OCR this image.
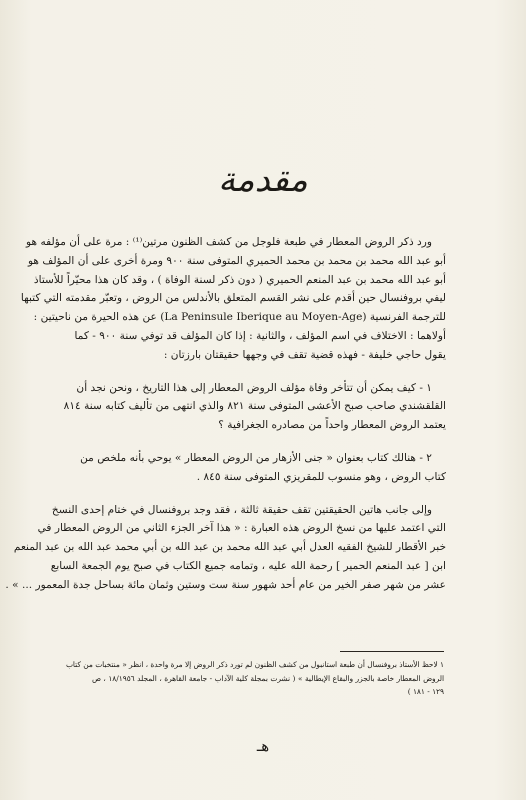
مقدمة

ورد ذكر الروض المعطار في طبعة فلوجل من كشف الظنون مرتين⁽¹⁾ : مرة على أن مؤلفه هو
أبو عبد الله محمد بن محمد بن محمد الحميري المتوفى سنة ٩٠٠ ومرة أخرى على أن المؤلف هو
أبو عبد الله محمد بن عبد المنعم الحميري ( دون ذكر لسنة الوفاة ) ، وقد كان هذا محيّراً للأستاذ
ليفي بروفنسال حين أقدم على نشر القسم المتعلق بالأندلس من الروض ، وتعبّر مقدمته التي كتبها
للترجمة الفرنسية (La Peninsule Iberique au Moyen-Age) عن هذه الحيرة من ناحيتين :
أولاهما : الاختلاف في اسم المؤلف ، والثانية : إذا كان المؤلف قد توفي سنة ٩٠٠ - كما
يقول حاجي خليفة - فهذه قضية تقف في وجهها حقيقتان بارزتان :

١ - كيف يمكن أن تتأخر وفاة مؤلف الروض المعطار إلى هذا التاريخ ، ونحن نجد أن
القلقشندي صاحب صبح الأعشى المتوفى سنة ٨٢١ والذي انتهى من تأليف كتابه سنة ٨١٤
يعتمد الروض المعطار واحداً من مصادره الجغرافية ؟

٢ - هنالك كتاب بعنوان « جنى الأزهار من الروض المعطار » يوحي بأنه ملخص من
كتاب الروض ، وهو منسوب للمقريزي المتوفى سنة ٨٤٥ .

وإلى جانب هاتين الحقيقتين تقف حقيقة ثالثة ، فقد وجد بروفنسال في ختام إحدى النسخ
التي اعتمد عليها من نسخ الروض هذه العبارة : « هذا آخر الجزء الثاني من الروض المعطار في
خبر الأقطار للشيخ الفقيه العدل أبي عبد الله محمد بن عبد الله بن أبي محمد عبد الله بن عبد المنعم
ابن [ عبد المنعم الحمير ] رحمة الله عليه ، وتمامه جميع الكتاب في صبح يوم الجمعة السابع
عشر من شهر صفر الخير من عام أحد شهور سنة ست وستين وثمان مائة بساحل جدة المعمور ... » .

١ لاحظ الأستاذ بروفنسال أن طبعة استانبول من كشف الظنون لم تورد ذكر الروض إلا مرة واحدة ، انظر « منتخبات من كتاب
الروض المعطار خاصة بالجزر والبقاع الإيطالية » ( نشرت بمجلة كلية الآداب - جامعة القاهرة ، المجلد ١٨/١٩٥٦ ، ص
١٢٩ - ١٨١ )
هـ
